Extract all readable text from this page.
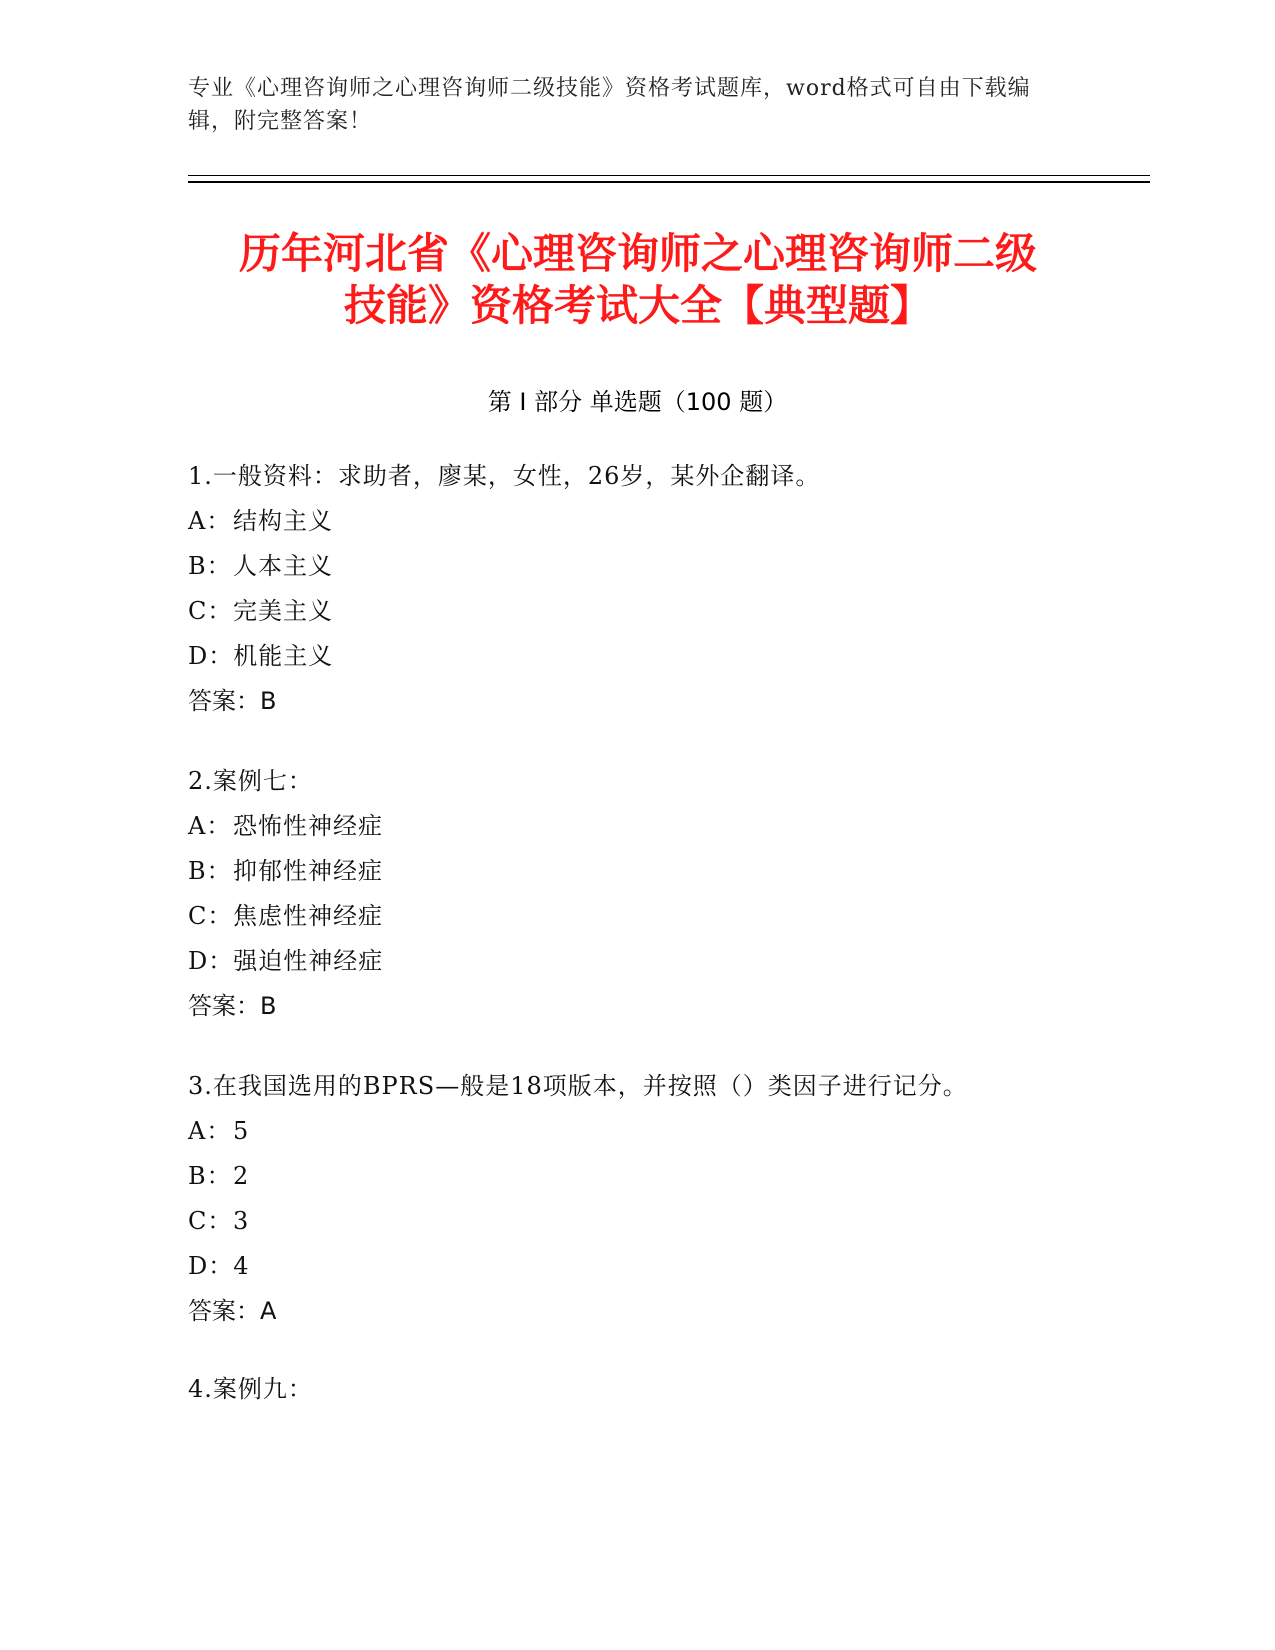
专业《心理咨询师之心理咨询师二级技能》资格考试题库，word格式可自由下载编辑，附完整答案！
历年河北省《心理咨询师之心理咨询师二级
技能》资格考试大全【典型题】
第 I 部分 单选题（100 题）
1.一般资料：求助者，廖某，女性，26岁，某外企翻译。
A：结构主义
B：人本主义
C：完美主义
D：机能主义
答案：B
2.案例七：
A：恐怖性神经症
B：抑郁性神经症
C：焦虑性神经症
D：强迫性神经症
答案：B
3.在我国选用的BPRS—般是18项版本，并按照（）类因子进行记分。
A：5
B：2
C：3
D：4
答案：A
4.案例九：
